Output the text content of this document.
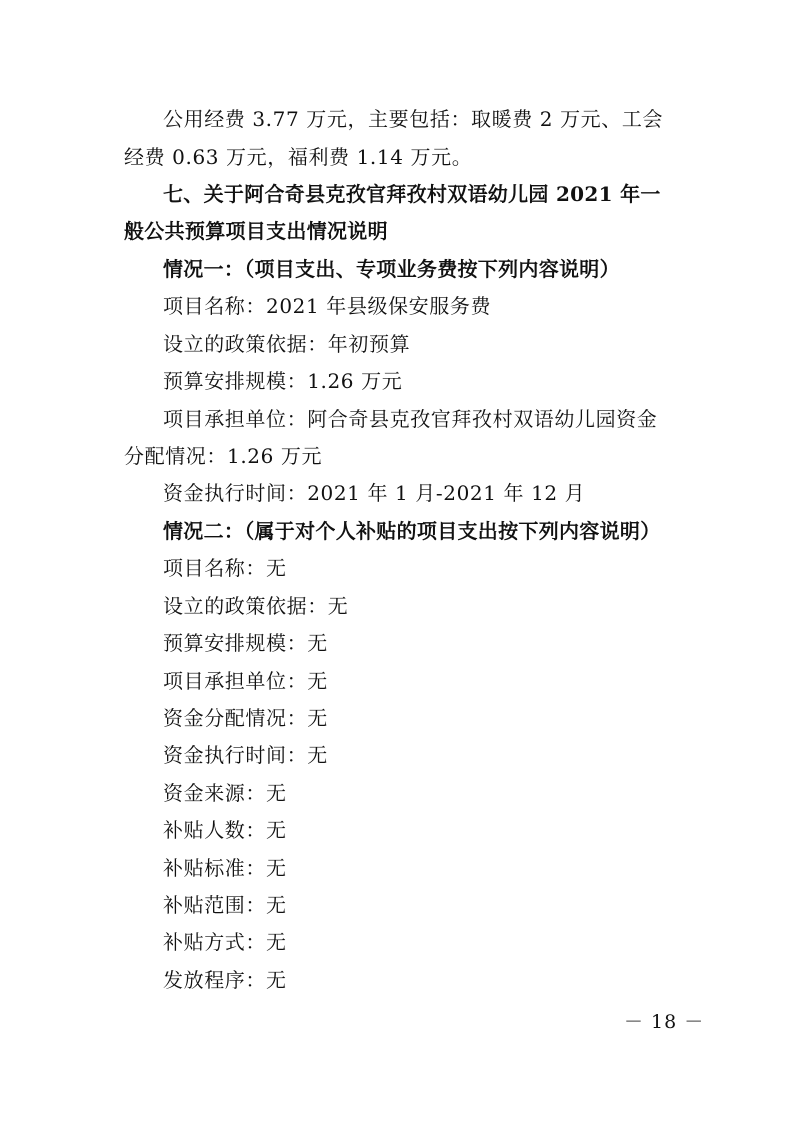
公用经费 3.77 万元，主要包括：取暖费 2 万元、工会
经费 0.63 万元，福利费 1.14 万元。
七、关于阿合奇县克孜官拜孜村双语幼儿园 2021 年一
般公共预算项目支出情况说明
情况一：（项目支出、专项业务费按下列内容说明）
项目名称：2021 年县级保安服务费
设立的政策依据：年初预算
预算安排规模：1.26 万元
项目承担单位：阿合奇县克孜官拜孜村双语幼儿园资金
分配情况：1.26 万元
资金执行时间：2021 年 1 月-2021 年 12 月
情况二：（属于对个人补贴的项目支出按下列内容说明）
项目名称：无
设立的政策依据：无
预算安排规模：无
项目承担单位：无
资金分配情况：无
资金执行时间：无
资金来源：无
补贴人数：无
补贴标准：无
补贴范围：无
补贴方式：无
发放程序：无
－ 18 －
